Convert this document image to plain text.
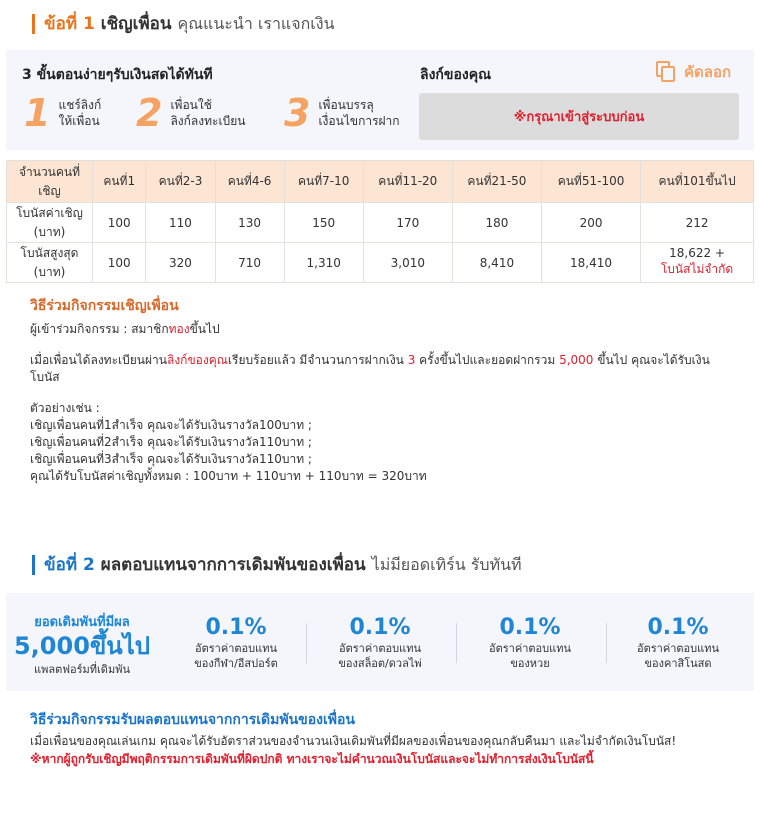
ข้อที่ 1 เชิญเพื่อน คุณแนะนำ เราแจกเงิน
3 ขั้นตอนง่ายๆรับเงินสดได้ทันที
1 แชร์ลิงก์
ให้เพื่อน 2 เพื่อนใช้
ลิงก์ลงทะเบียน 3 เพื่อนบรรลุ
เงื่อนไขการฝาก
ลิงก์ของคุณ	คัดลอก
※กรุณาเข้าสู่ระบบก่อน
จำนวนคนที่เชิญ	คนที่1	คนที่2-3	คนที่4-6	คนที่7-10	คนที่11-20	คนที่21-50	คนที่51-100	คนที่101ขึ้นไป
โบนัสค่าเชิญ (บาท)	100	110	130	150	170	180	200	212
โบนัสสูงสุด (บาท)	100	320	710	1,310	3,010	8,410	18,410	18,622 +
โบนัสไม่จำกัด
วิธีร่วมกิจกรรมเชิญเพื่อน

ผู้เข้าร่วมกิจกรรม : สมาชิกทองขึ้นไป

เมื่อเพื่อนได้ลงทะเบียนผ่านลิงก์ของคุณเรียบร้อยแล้ว มีจำนวนการฝากเงิน 3 ครั้งขึ้นไปและยอดฝากรวม 5,000 ขึ้นไป คุณจะได้รับเงินโบนัส

ตัวอย่างเช่น :

เชิญเพื่อนคนที่1สำเร็จ คุณจะได้รับเงินรางวัล100บาท ;

เชิญเพื่อนคนที่2สำเร็จ คุณจะได้รับเงินรางวัล110บาท ;

เชิญเพื่อนคนที่3สำเร็จ คุณจะได้รับเงินรางวัล110บาท ;

คุณได้รับโบนัสค่าเชิญทั้งหมด : 100บาท + 110บาท + 110บาท = 320บาท

ข้อที่ 2 ผลตอบแทนจากการเดิมพันของเพื่อน ไม่มียอดเทิร์น รับทันที
ยอดเดิมพันที่มีผล
5,000ขึ้นไป
แพลตฟอร์มที่เดิมพัน
0.1%
อัตราค่าตอบแทน
ของกีฬา/อีสปอร์ต
0.1%
อัตราค่าตอบแทน
ของสล็อต/ดวลไพ่
0.1%
อัตราค่าตอบแทน
ของหวย
0.1%
อัตราค่าตอบแทน
ของคาสิโนสด
วิธีร่วมกิจกรรมรับผลตอบแทนจากการเดิมพันของเพื่อน

เมื่อเพื่อนของคุณเล่นเกม คุณจะได้รับอัตราส่วนของจำนวนเงินเดิมพันที่มีผลของเพื่อนของคุณกลับคืนมา และไม่จำกัดเงินโบนัส!

※หากผู้ถูกรับเชิญมีพฤติกรรมการเดิมพันที่ผิดปกติ ทางเราจะไม่คำนวณเงินโบนัสและจะไม่ทำการส่งเงินโบนัสนี้
